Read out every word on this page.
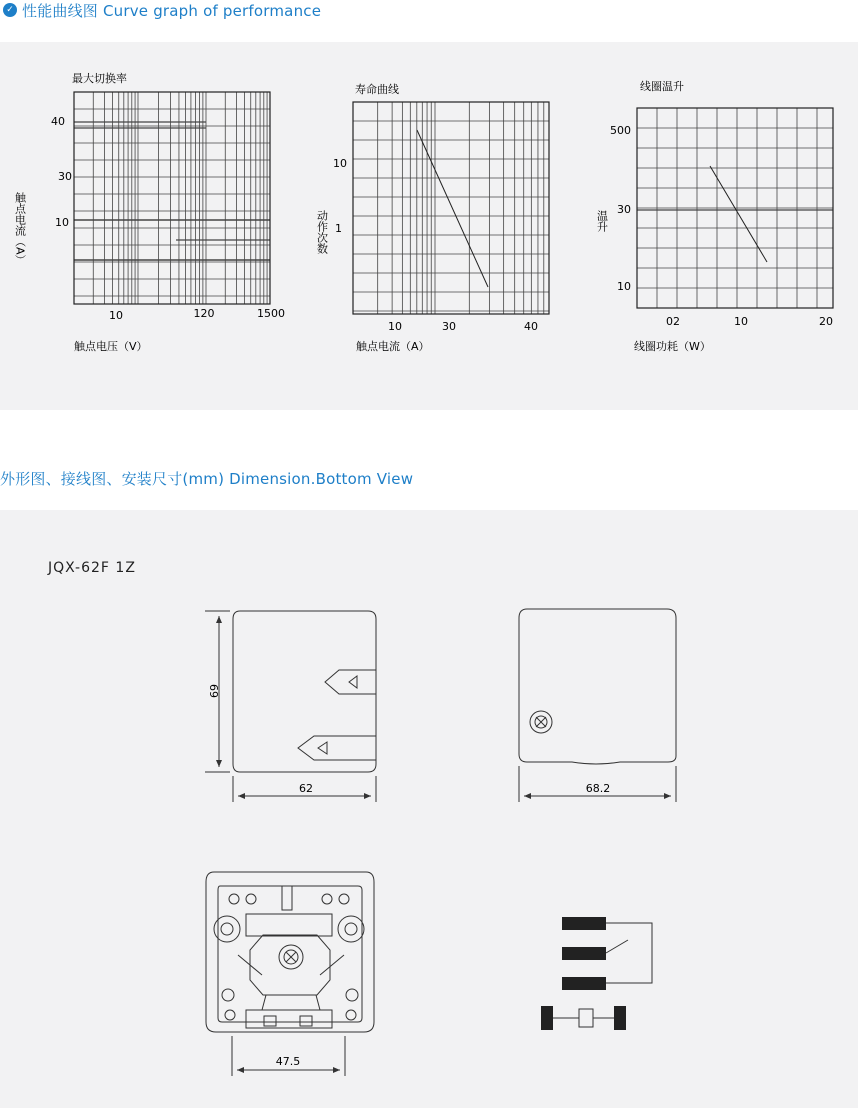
✓ 性能曲线图 Curve graph of performance
最大切换率
40
30
10
10	120	1500
触点电压（V）
触点电流（A）
寿命曲线
10
1
10	30	40
触点电流（A）
动作次数
线圈温升
500
30
10
02	10	20
线圈功耗（W）
温升
外形图、接线图、安装尺寸(mm) Dimension.Bottom View
JQX-62F 1Z
69
62	68.2
47.5
